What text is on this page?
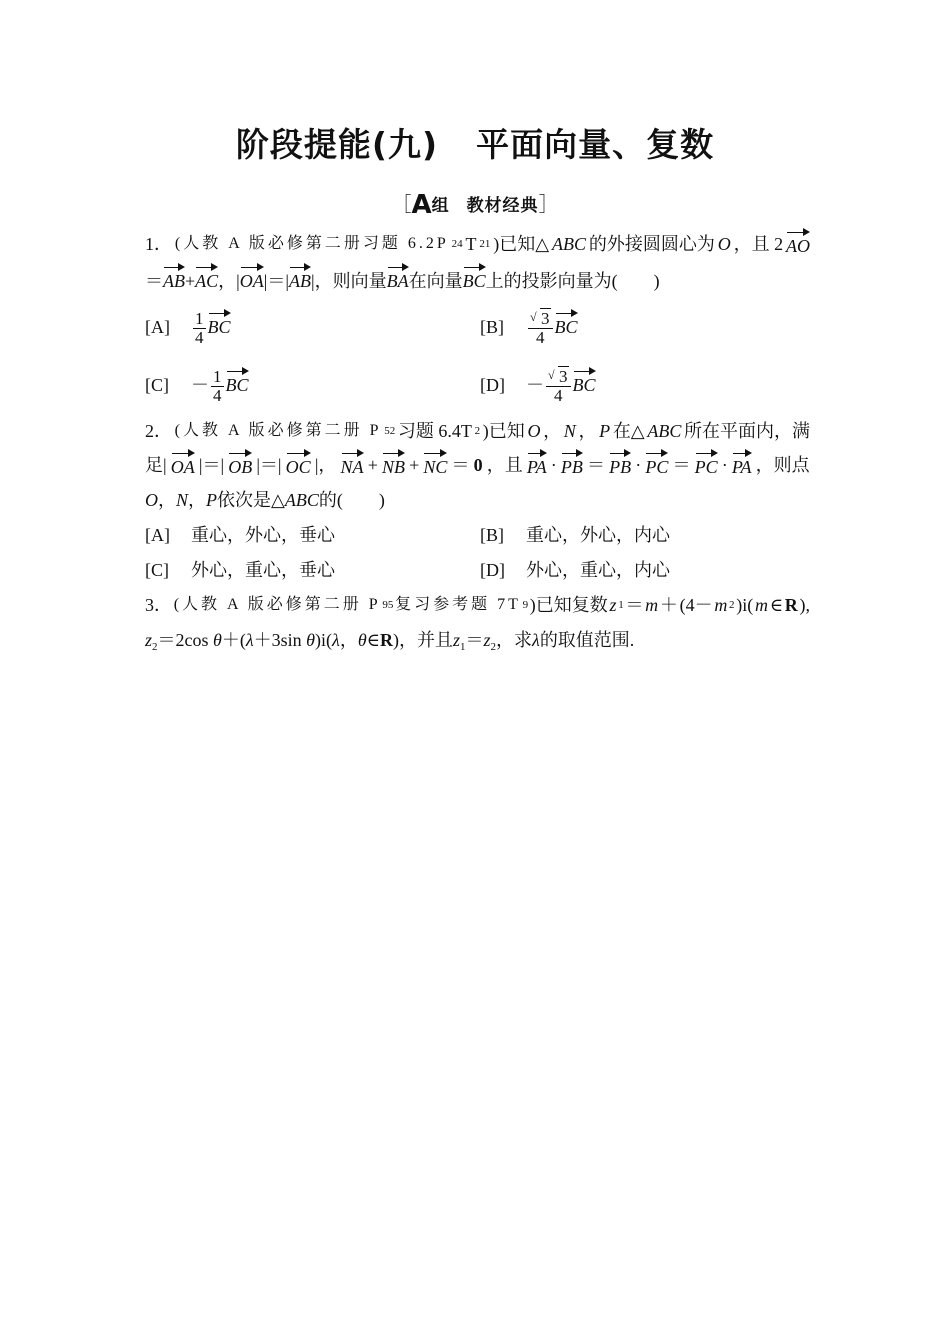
阶段提能(九) 平面向量、复数
［A组 教材经典］
1． (人教 A 版必修第二册习题 6.2P 24 T 21 )已知△ ABC 的外接圆圆心为 O ，且 2 AO
＝AB+AC，|OA|＝|AB|，则向量BA在向量BC上的投影向量为(　　)
$[A] \frac{1}{4}$ BC	$[B] \frac{√ 3}{4}$ BC
$[C] - \frac{1}{4}$ BC	$[D] - \frac{√ 3}{4}$ BC
2． (人教 A 版必修第二册 P 52 习题 6.4T 2 )已知 O ， N ， P 在△ ABC 所在平面内，满
足| OA |＝| OB |＝| OC |， NA + NB + NC ＝ 0 ，且 PA · PB ＝ PB · PC ＝ PC · PA ，则点
O，N，P依次是△ABC的(　　)
[A] 重心，外心，垂心	[B] 重心，外心，内心
[C] 外心，重心，垂心	[D] 外心，重心，内心
3． (人教 A 版必修第二册 P 95 复习参考题 7T 9 )已知复数 z 1 ＝ m ＋ (4－ m 2 )i( m ∈ R ),
$z_2=2\cos$ θ＋(λ＋3sin θ)i(λ，θ∈R)，并且$z_1=z_2$，求λ的取值范围.
